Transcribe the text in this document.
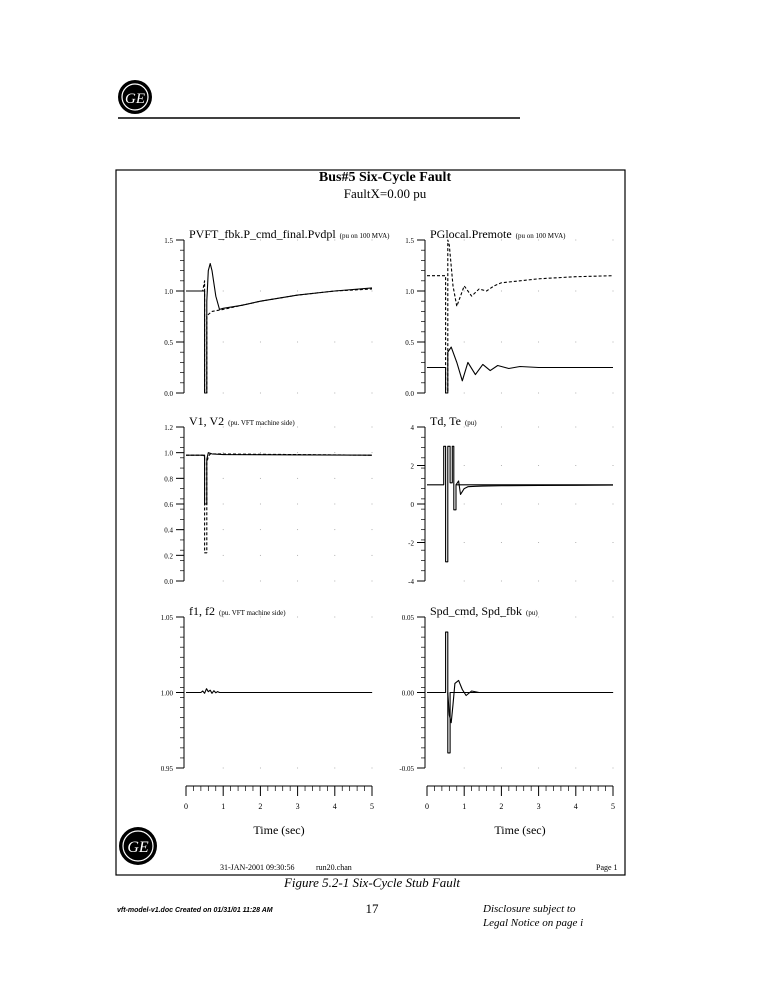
GE
Bus#5 Six-Cycle Fault
FaultX=0.00 pu
0.0
0.5
1.0
1.5 PVFT_fbk.P_cmd_final.Pvdpl (pu on 100 MVA)
0.0
0.5
1.0
1.5 PGlocal.Premote (pu on 100 MVA)
0.0
0.2
0.4
0.6
0.8
1.0
1.2 V1, V2 (pu. VFT machine side)
-4
-2
0
2
4 Td, Te (pu)
0.95
1.00
1.05 f1, f2 (pu. VFT machine side)
-0.05
0.00
0.05 Spd_cmd, Spd_fbk (pu)
0	1	2	3	4	5	0	1	2	3	4	5
Time (sec)	Time (sec)
GE
31-JAN-2001 09:30:56	run20.chan	Page 1
Figure 5.2-1 Six-Cycle Stub Fault
vft-model-v1.doc Created on 01/31/01 11:28 AM	17	Disclosure subject to
Legal Notice on page i
